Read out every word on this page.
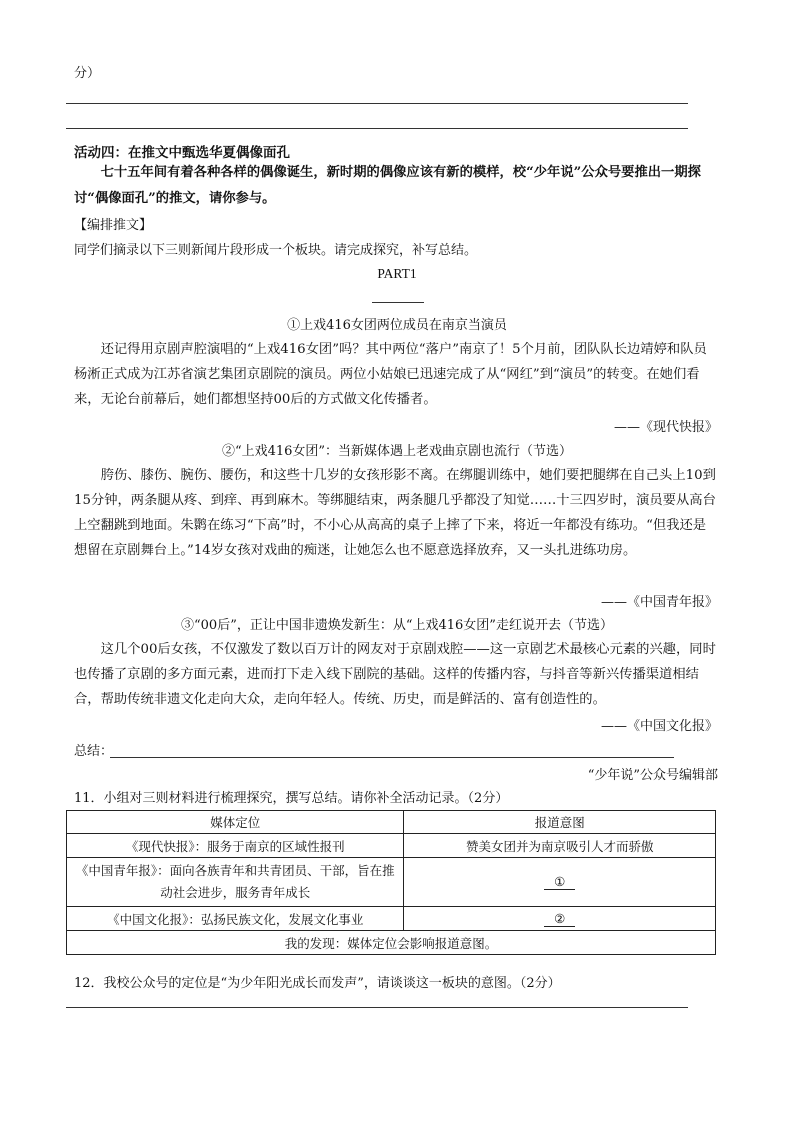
分）
活动四：在推文中甄选华夏偶像面孔
七十五年间有着各种各样的偶像诞生，新时期的偶像应该有新的模样，校“少年说”公众号要推出一期探讨“偶像面孔”的推文，请你参与。
【编排推文】
同学们摘录以下三则新闻片段形成一个板块。请完成探究，补写总结。
PART1
①上戏416女团两位成员在南京当演员
还记得用京剧声腔演唱的“上戏416女团”吗？其中两位“落户”南京了！5个月前，团队队长边靖婷和队员杨淅正式成为江苏省演艺集团京剧院的演员。两位小姑娘已迅速完成了从“网红”到“演员”的转变。在她们看来，无论台前幕后，她们都想坚持00后的方式做文化传播者。
——《现代快报》
②“上戏416女团”：当新媒体遇上老戏曲京剧也流行（节选）
胯伤、膝伤、腕伤、腰伤，和这些十几岁的女孩形影不离。在绑腿训练中，她们要把腿绑在自己头上10到15分钟，两条腿从疼、到痒、再到麻木。等绑腿结束，两条腿几乎都没了知觉……十三四岁时，演员要从高台上空翻跳到地面。朱鹮在练习“下高”时，不小心从高高的桌子上摔了下来，将近一年都没有练功。“但我还是想留在京剧舞台上。”14岁女孩对戏曲的痴迷，让她怎么也不愿意选择放弃，又一头扎进练功房。
——《中国青年报》
③“00后”，正让中国非遗焕发新生：从“上戏416女团”走红说开去（节选）
这几个00后女孩，不仅激发了数以百万计的网友对于京剧戏腔——这一京剧艺术最核心元素的兴趣，同时也传播了京剧的多方面元素，进而打下走入线下剧院的基础。这样的传播内容，与抖音等新兴传播渠道相结合，帮助传统非遗文化走向大众，走向年轻人。传统、历史，而是鲜活的、富有创造性的。
——《中国文化报》
总结：
“少年说”公众号编辑部
11．小组对三则材料进行梳理探究，撰写总结。请你补全活动记录。（2分）
媒体定位	报道意图
《现代快报》：服务于南京的区域性报刊	赞美女团并为南京吸引人才而骄傲
《中国青年报》：面向各族青年和共青团员、干部，旨在推动社会进步，服务青年成长	①
《中国文化报》：弘扬民族文化，发展文化事业	②
我的发现：媒体定位会影响报道意图。	
12．我校公众号的定位是“为少年阳光成长而发声”，请谈谈这一板块的意图。（2分）
